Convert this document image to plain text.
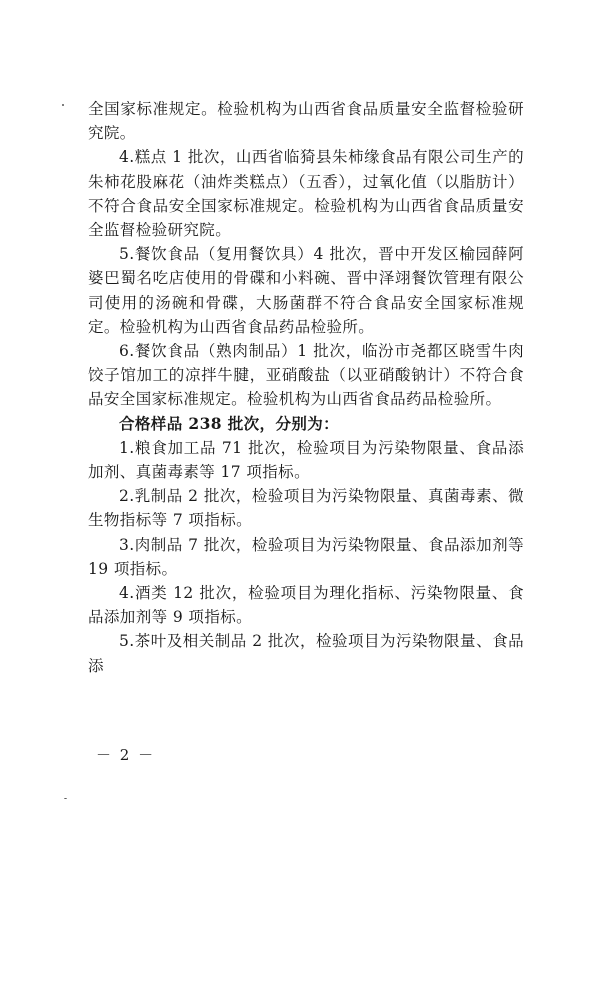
全国家标准规定。检验机构为山西省食品质量安全监督检验研究院。

4.糕点 1 批次，山西省临猗县朱柿缘食品有限公司生产的朱柿花股麻花（油炸类糕点）（五香），过氧化值（以脂肪计）不符合食品安全国家标准规定。检验机构为山西省食品质量安全监督检验研究院。

5.餐饮食品（复用餐饮具）4 批次，晋中开发区榆园薛阿婆巴蜀名吃店使用的骨碟和小料碗、晋中泽翊餐饮管理有限公司使用的汤碗和骨碟，大肠菌群不符合食品安全国家标准规定。检验机构为山西省食品药品检验所。

6.餐饮食品（熟肉制品）1 批次，临汾市尧都区晓雪牛肉饺子馆加工的凉拌牛腱，亚硝酸盐（以亚硝酸钠计）不符合食品安全国家标准规定。检验机构为山西省食品药品检验所。

合格样品 238 批次，分别为：

1.粮食加工品 71 批次，检验项目为污染物限量、食品添加剂、真菌毒素等 17 项指标。

2.乳制品 2 批次，检验项目为污染物限量、真菌毒素、微生物指标等 7 项指标。

3.肉制品 7 批次，检验项目为污染物限量、食品添加剂等 19 项指标。

4.酒类 12 批次，检验项目为理化指标、污染物限量、食品添加剂等 9 项指标。

5.茶叶及相关制品 2 批次，检验项目为污染物限量、食品添

－ 2 －
